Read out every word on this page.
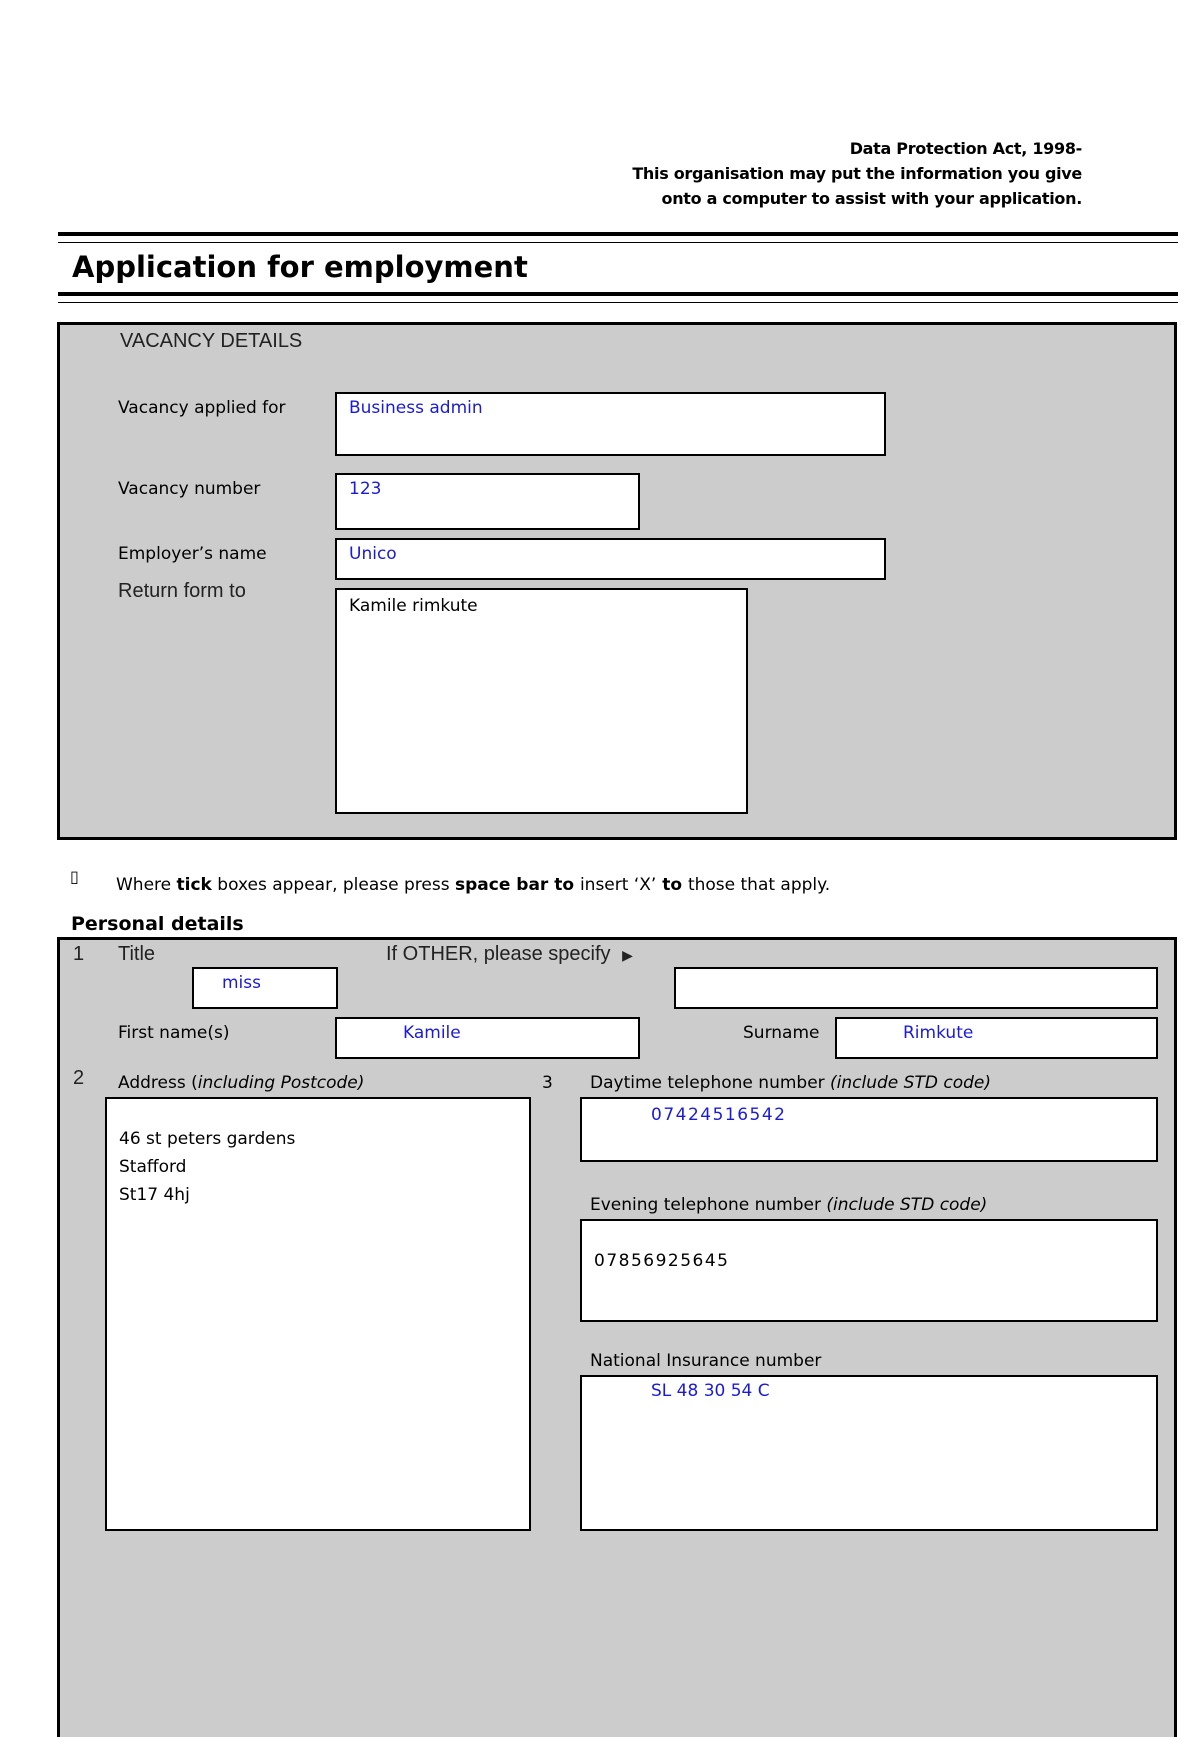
Data Protection Act, 1998-
This organisation may put the information you give
onto a computer to assist with your application.
Application for employment
VACANCY DETAILS
Vacancy applied for	Business admin
Vacancy number	123
Employer’s name	Unico
Return form to
Kamile rimkute
▯ Where tick boxes appear, please press space bar to insert ‘X’ to those that apply.
Personal details
1 Title
miss
If OTHER, please specify ▶
First name(s)	Kamile	Surname	Rimkute
2 Address (including Postcode)
46 st peters gardens
Stafford
St17 4hj
3 Daytime telephone number (include STD code)
07424516542
Evening telephone number (include STD code)
07856925645
National Insurance number
SL 48 30 54 C
